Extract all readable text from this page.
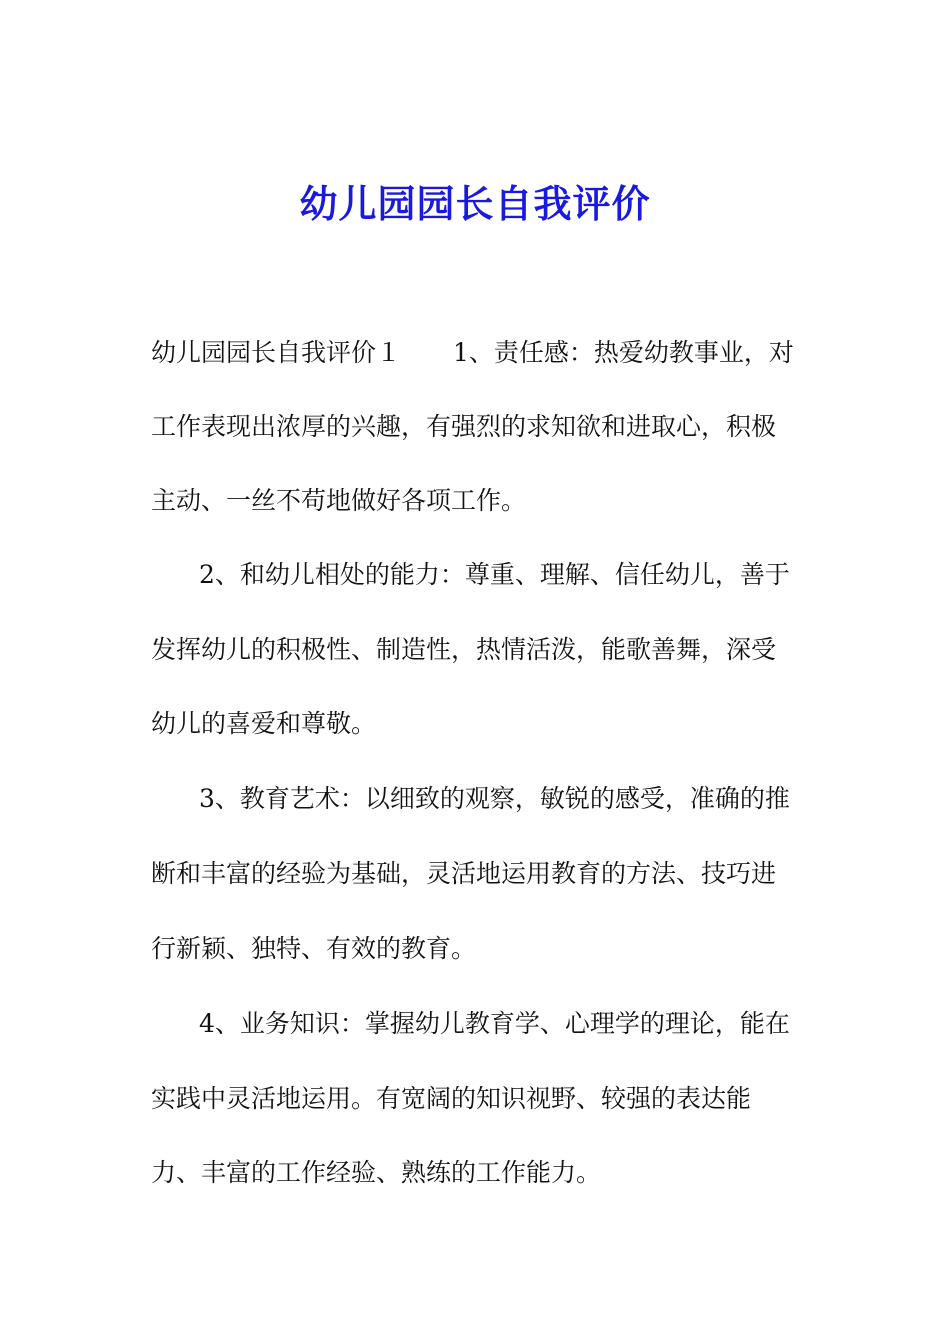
幼儿园园长自我评价
幼儿园园长自我评价１ 1、责任感：热爱幼教事业，对
工作表现出浓厚的兴趣，有强烈的求知欲和进取心，积极
主动、一丝不苟地做好各项工作。
2、和幼儿相处的能力：尊重、理解、信任幼儿，善于
发挥幼儿的积极性、制造性，热情活泼，能歌善舞，深受
幼儿的喜爱和尊敬。
3、教育艺术：以细致的观察，敏锐的感受，准确的推
断和丰富的经验为基础，灵活地运用教育的方法、技巧进
行新颖、独特、有效的教育。
4、业务知识：掌握幼儿教育学、心理学的理论，能在
实践中灵活地运用。有宽阔的知识视野、较强的表达能
力、丰富的工作经验、熟练的工作能力。
